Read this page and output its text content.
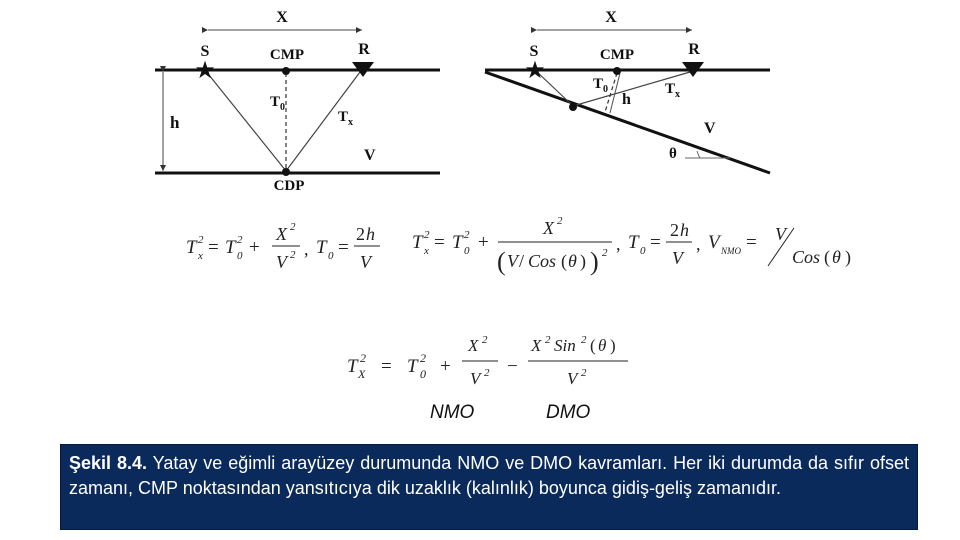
X
h
★
S	CMP	R
$T_0$
$T_x$
V
CDP
X
θ
★
S	CMP	R
$T_0$
h
$T_x$
V
T 2
x = T 2
0 +
X 2
V 2 , T 0 =
2 h
V
T 2
x = T 2
0 +
X 2
( V / Cos ( θ ) ) 2 , T 0 =
2 h
V
, V NMO = V
Cos ( θ )
T 2
X = T 2
0 +
X 2
V 2 −
X 2 Sin 2 ( θ )
V 2
NMO	DMO
Şekil 8.4. Yatay ve eğimli arayüzey durumunda NMO ve DMO kavramları. Her iki durumda da sıfır ofset zamanı, CMP noktasından yansıtıcıya dik uzaklık (kalınlık) boyunca gidiş-geliş zamanıdır.
